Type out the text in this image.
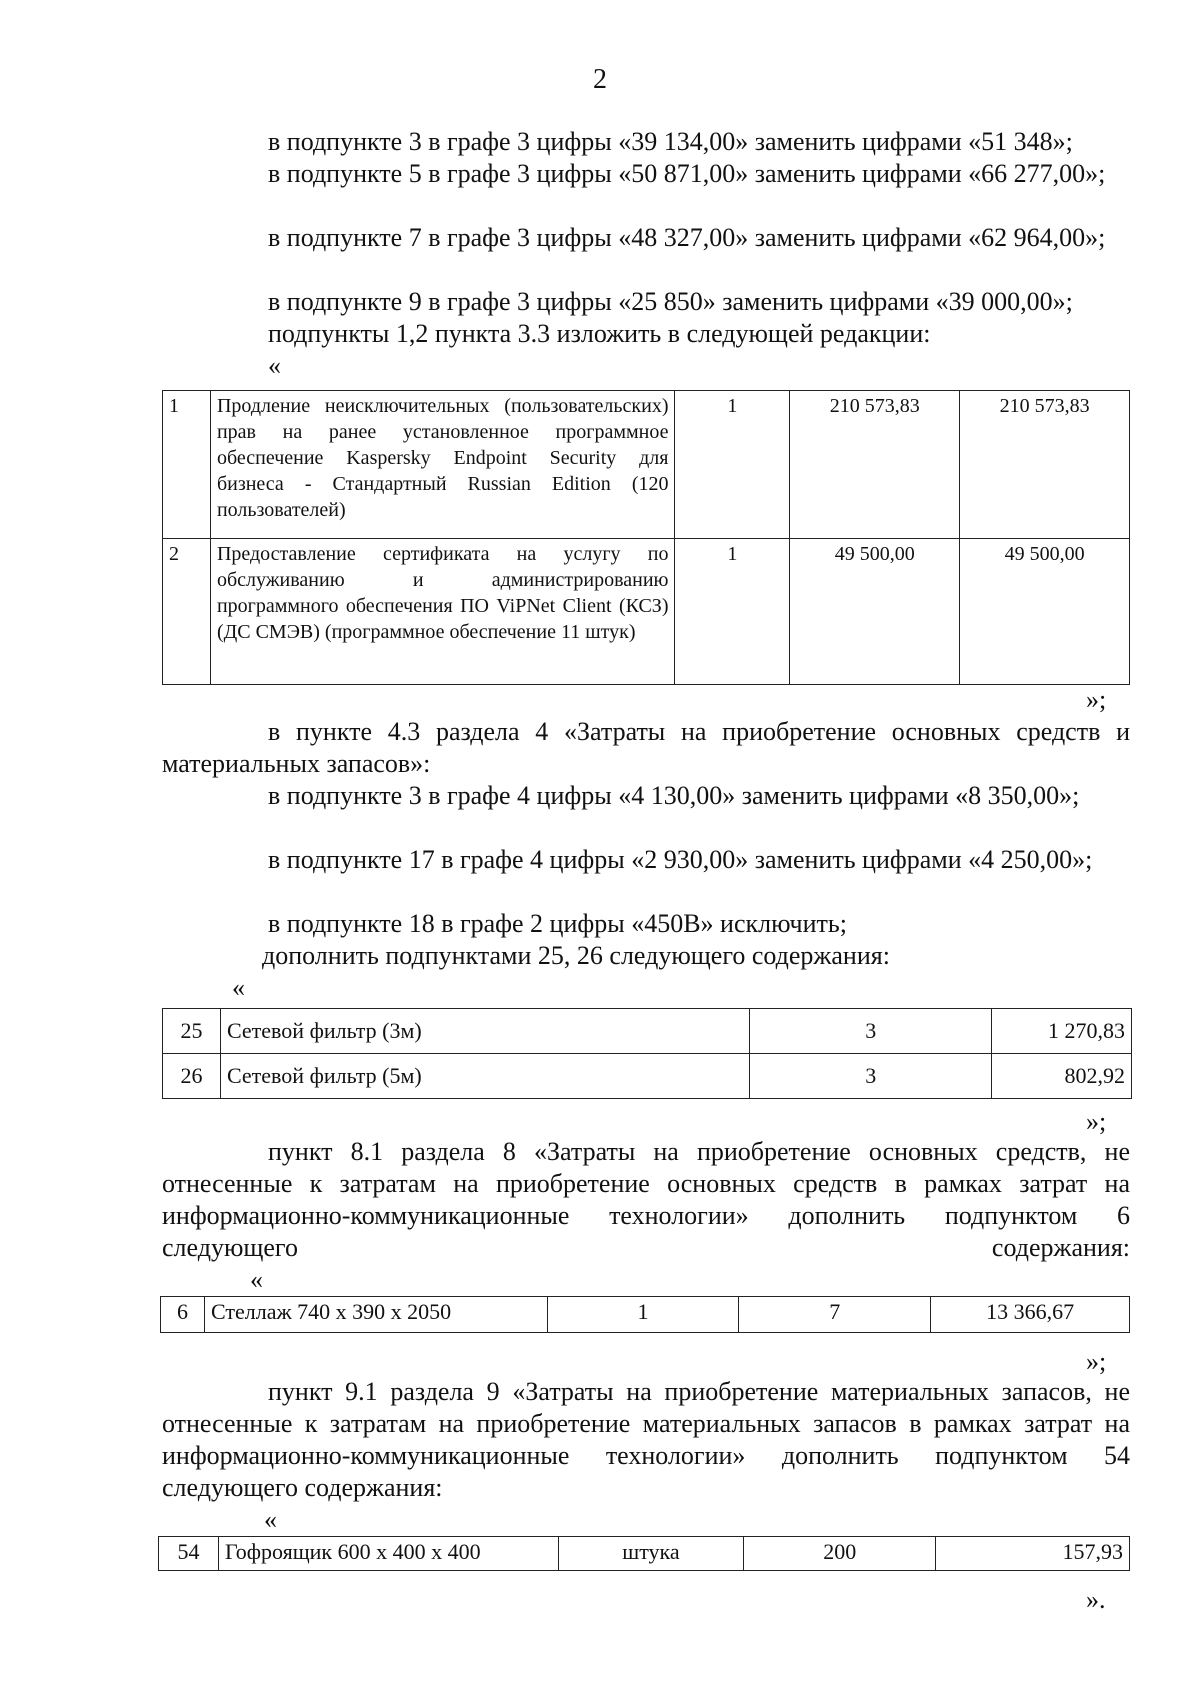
2
в подпункте 3 в графе 3 цифры «39 134,00» заменить цифрами «51 348»;
в подпункте 5 в графе 3 цифры «50 871,00» заменить цифрами «66 277,00»;
в подпункте 7 в графе 3 цифры «48 327,00» заменить цифрами «62 964,00»;
в подпункте 9 в графе 3 цифры «25 850» заменить цифрами «39 000,00»;
подпункты 1,2 пункта 3.3 изложить в следующей редакции:
«
1	Продление неисключительных (пользовательских) прав на ранее установленное программное обеспечение Kaspersky Endpoint Security для бизнеса - Стандартный Russian Edition (120 пользователей)	1	210 573,83	210 573,83
2	Предоставление сертификата на услугу по обслуживанию и администрированию программного обеспечения ПО ViPNet Client (КСЗ) (ДС СМЭВ) (программное обеспечение 11 штук)	1	49 500,00	49 500,00
»;
в пункте 4.3 раздела 4 «Затраты на приобретение основных средств и материальных запасов»:
в подпункте 3 в графе 4 цифры «4 130,00» заменить цифрами «8 350,00»;
в подпункте 17 в графе 4 цифры «2 930,00» заменить цифрами «4 250,00»;
в подпункте 18 в графе 2 цифры «450В» исключить;
дополнить подпунктами 25, 26 следующего содержания:
«
25	Сетевой фильтр (3м)	3	1 270,83
26	Сетевой фильтр (5м)	3	802,92
»;
пункт 8.1 раздела 8 «Затраты на приобретение основных средств, не отнесенные к затратам на приобретение основных средств в рамках затрат на информационно-коммуникационные технологии» дополнить подпунктом 6 следующего содержания:
«
6	Стеллаж 740 х 390 х 2050	1	7	13 366,67
»;
пункт 9.1 раздела 9 «Затраты на приобретение материальных запасов, не отнесенные к затратам на приобретение материальных запасов в рамках затрат на информационно-коммуникационные технологии» дополнить подпунктом 54 следующего содержания:
«
54	Гофроящик 600 х 400 х 400	штука	200	157,93
».
